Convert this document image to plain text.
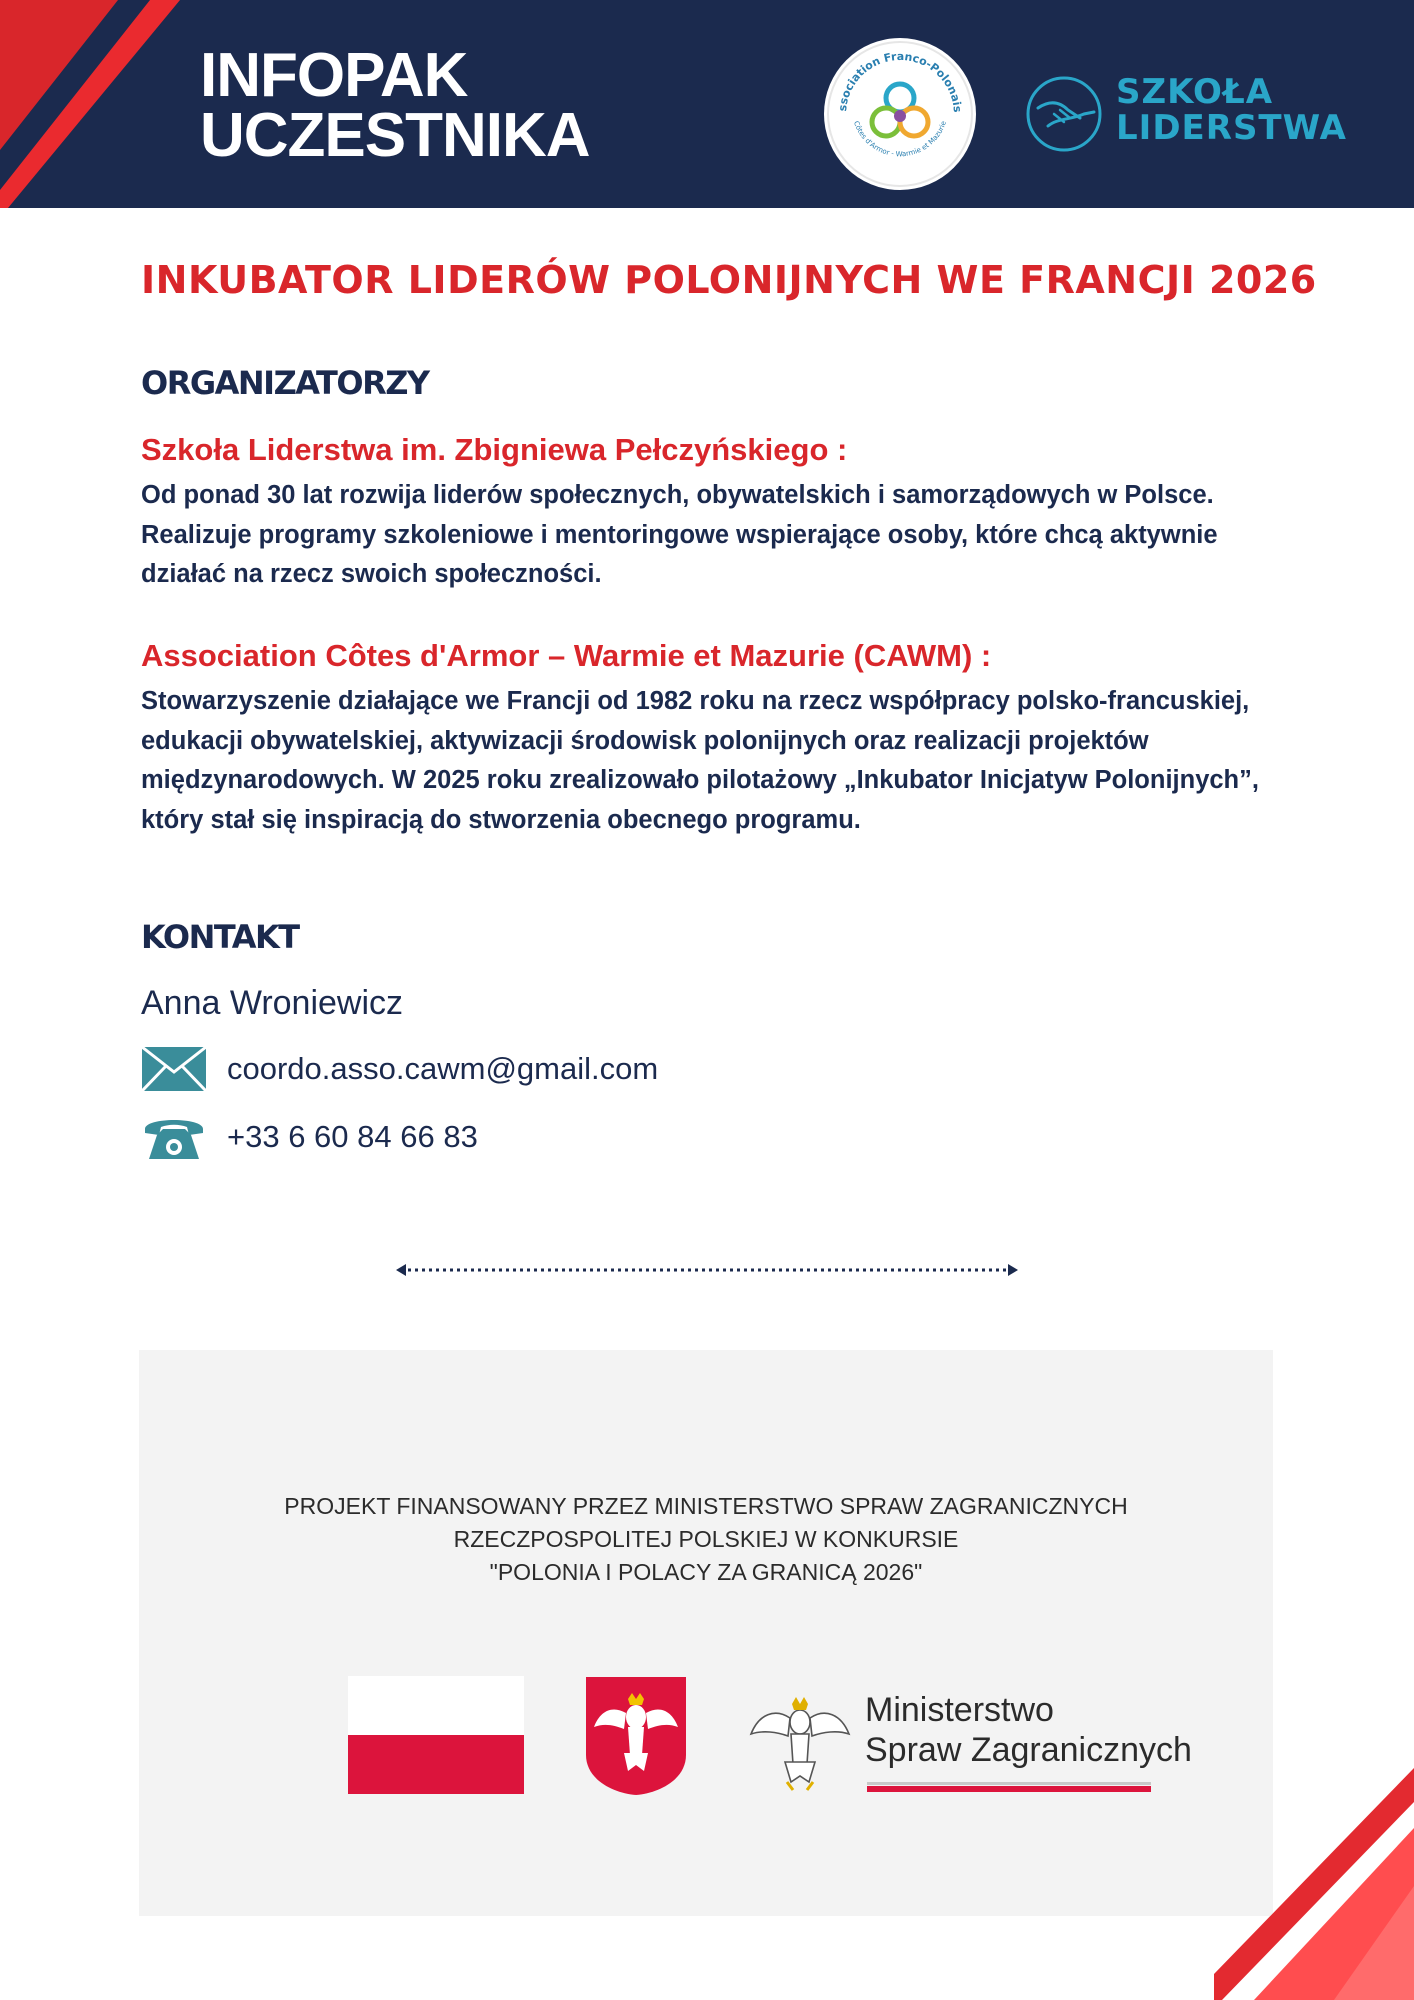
INFOPAK
UCZESTNIKA	ssociation Franco-Polonais
Côtes d'Armor - Warmie et Mazurie
SZKOŁA
LIDERSTWA
INKUBATOR LIDERÓW POLONIJNYCH WE FRANCJI 2026
ORGANIZATORZY
Szkoła Liderstwa im. Zbigniewa Pełczyńskiego :
Od ponad 30 lat rozwija liderów społecznych, obywatelskich i samorządowych w Polsce. Realizuje programy szkoleniowe i mentoringowe wspierające osoby, które chcą aktywnie działać na rzecz swoich społeczności.
Association Côtes d'Armor – Warmie et Mazurie (CAWM) :
Stowarzyszenie działające we Francji od 1982 roku na rzecz współpracy polsko-francuskiej, edukacji obywatelskiej, aktywizacji środowisk polonijnych oraz realizacji projektów międzynarodowych. W 2025 roku zrealizowało pilotażowy „Inkubator Inicjatyw Polonijnych”, który stał się inspiracją do stworzenia obecnego programu.
KONTAKT
Anna Wroniewicz
coordo.asso.cawm@gmail.com
+33 6 60 84 66 83
PROJEKT FINANSOWANY PRZEZ MINISTERSTWO SPRAW ZAGRANICZNYCH
RZECZPOSPOLITEJ POLSKIEJ W KONKURSIE
"POLONIA I POLACY ZA GRANICĄ 2026"
Ministerstwo
Spraw Zagranicznych
